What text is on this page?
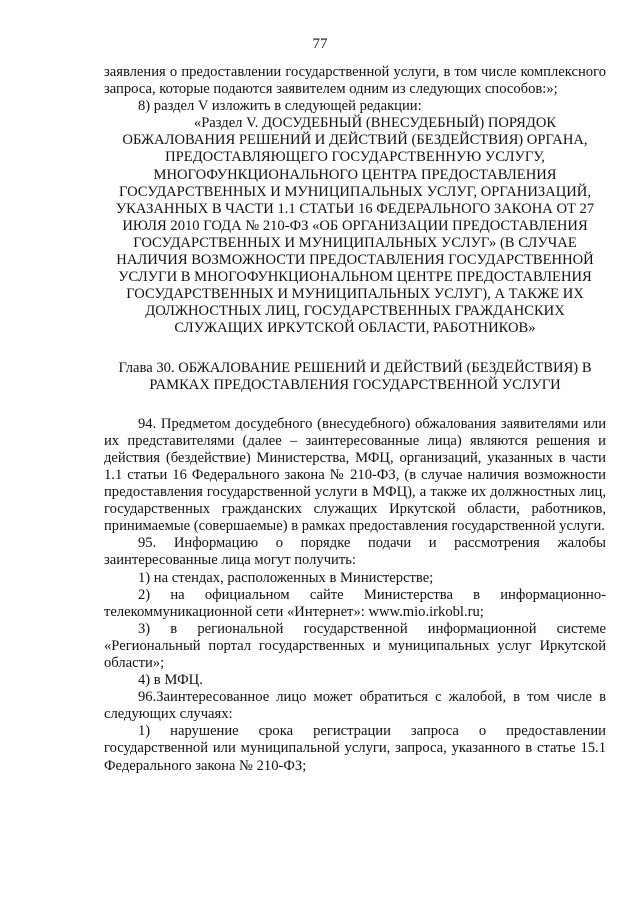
77

заявления о предоставлении государственной услуги, в том числе комплексного запроса, которые подаются заявителем одним из следующих способов:»;

8) раздел V изложить в следующей редакции:

«Раздел V. ДОСУДЕБНЫЙ (ВНЕСУДЕБНЫЙ) ПОРЯДОК

ОБЖАЛОВАНИЯ РЕШЕНИЙ И ДЕЙСТВИЙ (БЕЗДЕЙСТВИЯ) ОРГАНА, ПРЕДОСТАВЛЯЮЩЕГО ГОСУДАРСТВЕННУЮ УСЛУГУ, МНОГОФУНКЦИОНАЛЬНОГО ЦЕНТРА ПРЕДОСТАВЛЕНИЯ ГОСУДАРСТВЕННЫХ И МУНИЦИПАЛЬНЫХ УСЛУГ, ОРГАНИЗАЦИЙ, УКАЗАННЫХ В ЧАСТИ 1.1 СТАТЬИ 16 ФЕДЕРАЛЬНОГО ЗАКОНА ОТ 27 ИЮЛЯ 2010 ГОДА № 210-ФЗ «ОБ ОРГАНИЗАЦИИ ПРЕДОСТАВЛЕНИЯ ГОСУДАРСТВЕННЫХ И МУНИЦИПАЛЬНЫХ УСЛУГ» (В СЛУЧАЕ НАЛИЧИЯ ВОЗМОЖНОСТИ ПРЕДОСТАВЛЕНИЯ ГОСУДАРСТВЕННОЙ УСЛУГИ В МНОГОФУНКЦИОНАЛЬНОМ ЦЕНТРЕ ПРЕДОСТАВЛЕНИЯ ГОСУДАРСТВЕННЫХ И МУНИЦИПАЛЬНЫХ УСЛУГ), А ТАКЖЕ ИХ ДОЛЖНОСТНЫХ ЛИЦ, ГОСУДАРСТВЕННЫХ ГРАЖДАНСКИХ СЛУЖАЩИХ ИРКУТСКОЙ ОБЛАСТИ, РАБОТНИКОВ»

Глава 30. ОБЖАЛОВАНИЕ РЕШЕНИЙ И ДЕЙСТВИЙ (БЕЗДЕЙСТВИЯ) В РАМКАХ ПРЕДОСТАВЛЕНИЯ ГОСУДАРСТВЕННОЙ УСЛУГИ

94. Предметом досудебного (внесудебного) обжалования заявителями или их представителями (далее – заинтересованные лица) являются решения и действия (бездействие) Министерства, МФЦ, организаций, указанных в части 1.1 статьи 16 Федерального закона № 210-ФЗ, (в случае наличия возможности предоставления государственной услуги в МФЦ), а также их должностных лиц, государственных гражданских служащих Иркутской области, работников, принимаемые (совершаемые) в рамках предоставления государственной услуги.

95. Информацию о порядке подачи и рассмотрения жалобы заинтересованные лица могут получить:

1) на стендах, расположенных в Министерстве;

2) на официальном сайте Министерства в информационно-телекоммуникационной сети «Интернет»: www.mio.irkobl.ru;

3) в региональной государственной информационной системе «Региональный портал государственных и муниципальных услуг Иркутской области»;

4) в МФЦ.

96.Заинтересованное лицо может обратиться с жалобой, в том числе в следующих случаях:

1) нарушение срока регистрации запроса о предоставлении государственной или муниципальной услуги, запроса, указанного в статье 15.1 Федерального закона № 210-ФЗ;
